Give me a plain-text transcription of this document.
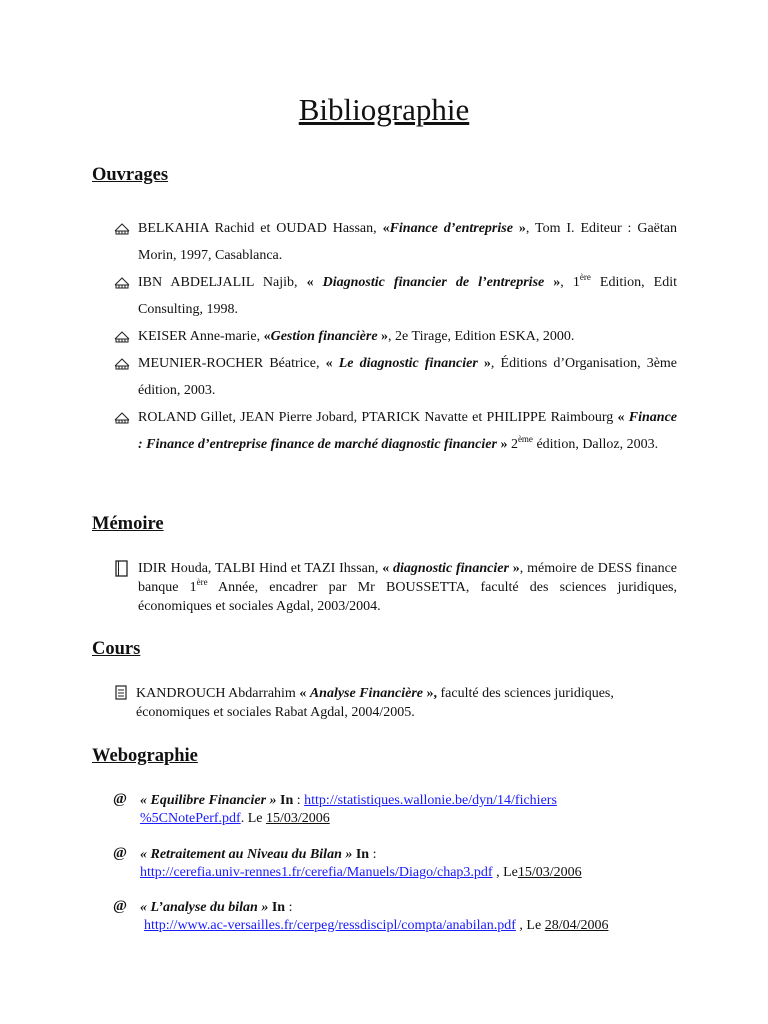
Bibliographie
Ouvrages
BELKAHIA Rachid et OUDAD Hassan, «Finance d’entreprise », Tom I. Editeur : Gaëtan Morin, 1997, Casablanca.
IBN ABDELJALIL Najib, « Diagnostic financier de l’entreprise », 1ère Edition, Edit Consulting, 1998.
KEISER Anne-marie, «Gestion financière », 2e Tirage, Edition ESKA, 2000.
MEUNIER-ROCHER Béatrice, « Le diagnostic financier », Éditions d’Organisation, 3ème édition, 2003.
ROLAND Gillet, JEAN Pierre Jobard, PTARICK Navatte et PHILIPPE Raimbourg « Finance : Finance d’entreprise finance de marché diagnostic financier » 2ème édition, Dalloz, 2003.
Mémoire
IDIR Houda, TALBI Hind et TAZI Ihssan, « diagnostic financier », mémoire de DESS finance banque 1ère Année, encadrer par Mr BOUSSETTA, faculté des sciences juridiques, économiques et sociales Agdal, 2003/2004.
Cours
KANDROUCH Abdarrahim « Analyse Financière », faculté des sciences juridiques, économiques et sociales Rabat Agdal, 2004/2005.
Webographie
@ « Equilibre Financier » In : http://statistiques.wallonie.be/dyn/14/fichiers
%5CNotePerf.pdf. Le 15/03/2006
@ « Retraitement au Niveau du Bilan » In :
http://cerefia.univ-rennes1.fr/cerefia/Manuels/Diago/chap3.pdf , Le15/03/2006
@ « L’analyse du bilan » In :
http://www.ac-versailles.fr/cerpeg/ressdiscipl/compta/anabilan.pdf , Le 28/04/2006
